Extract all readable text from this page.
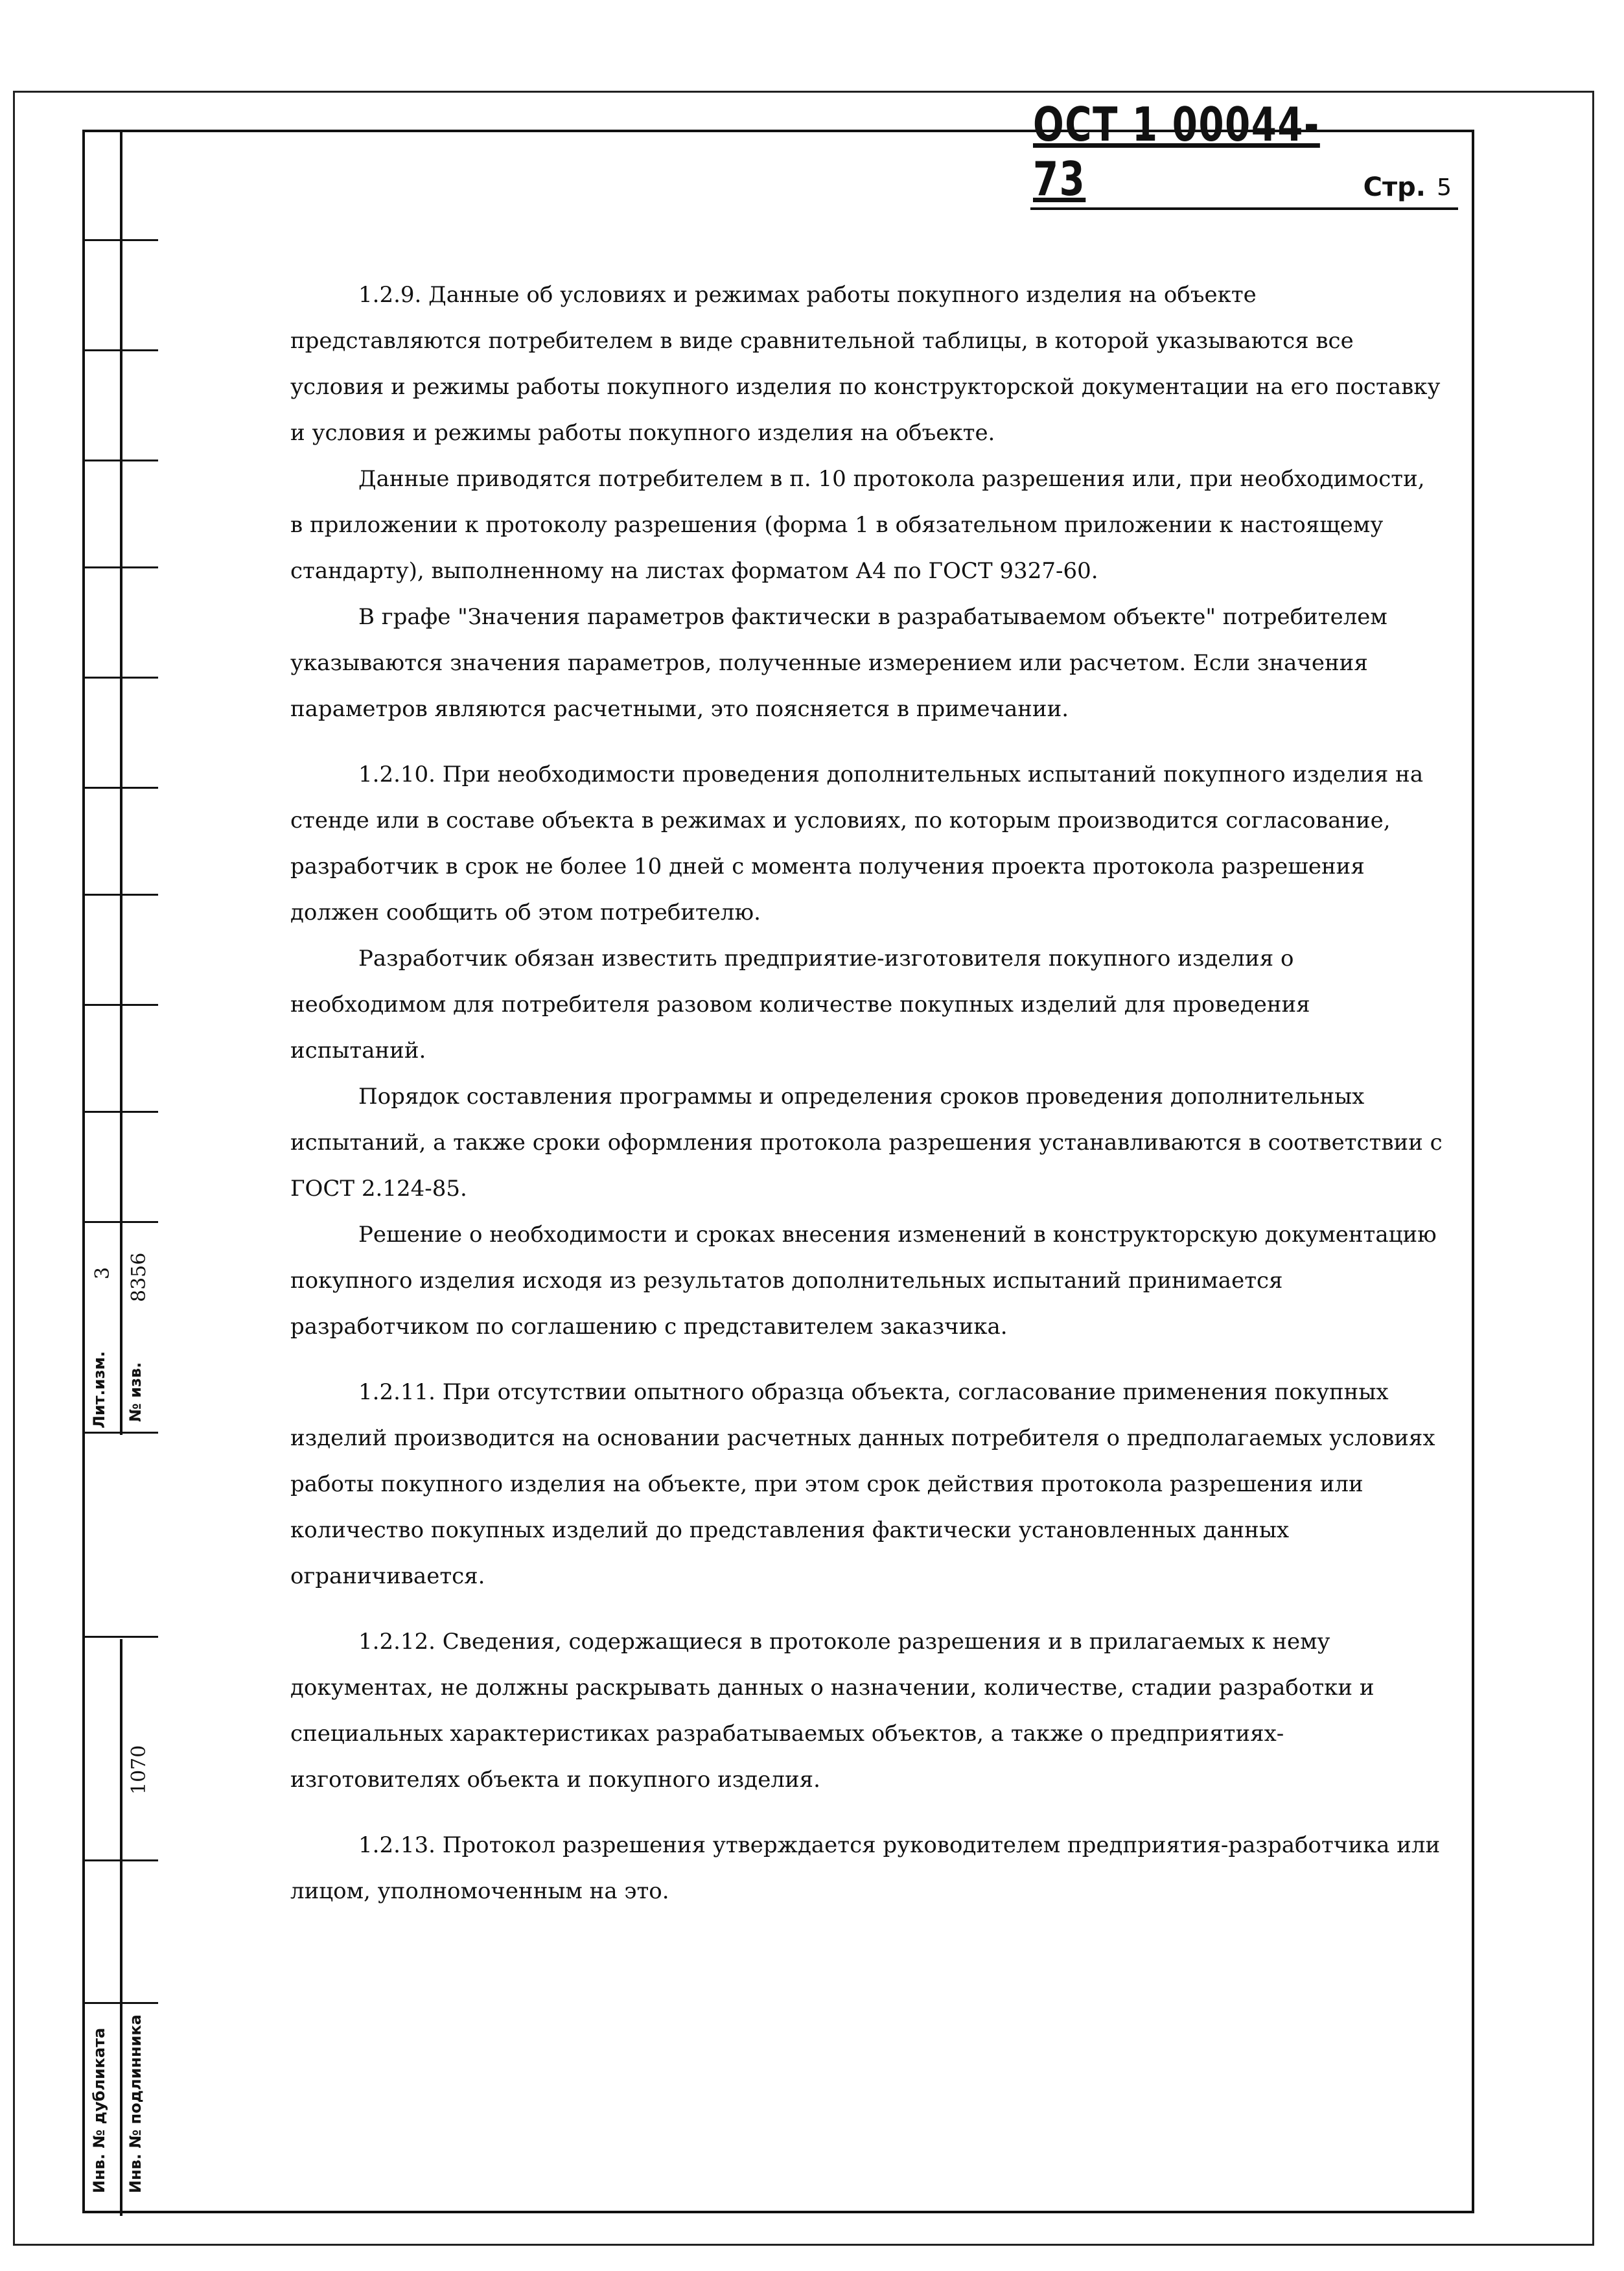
Лит.изм.
3
№ изв.
8356
Инв. № дубликата Инв. № подлинника
1070
ОСТ 1 00044-73	Стр. 5

1.2.9. Данные об условиях и режимах работы покупного изделия на объекте представляются потребителем в виде сравнительной таблицы, в которой указываются все условия и режимы работы покупного изделия по конструкторской документации на его поставку и условия и режимы работы покупного изделия на объекте.

Данные приводятся потребителем в п. 10 протокола разрешения или, при необходимости, в приложении к протоколу разрешения (форма 1 в обязательном приложении к настоящему стандарту), выполненному на листах форматом А4 по ГОСТ 9327-60.

В графе "Значения параметров фактически в разрабатываемом объекте" потребителем указываются значения параметров, полученные измерением или расчетом. Если значения параметров являются расчетными, это поясняется в примечании.

1.2.10. При необходимости проведения дополнительных испытаний покупного изделия на стенде или в составе объекта в режимах и условиях, по которым производится согласование, разработчик в срок не более 10 дней с момента получения проекта протокола разрешения должен сообщить об этом потребителю.

Разработчик обязан известить предприятие-изготовителя покупного изделия о необходимом для потребителя разовом количестве покупных изделий для проведения испытаний.

Порядок составления программы и определения сроков проведения дополнительных испытаний, а также сроки оформления протокола разрешения устанавливаются в соответствии с ГОСТ 2.124-85.

Решение о необходимости и сроках внесения изменений в конструкторскую документацию покупного изделия исходя из результатов дополнительных испытаний принимается разработчиком по соглашению с представителем заказчика.

1.2.11. При отсутствии опытного образца объекта, согласование применения покупных изделий производится на основании расчетных данных потребителя о предполагаемых условиях работы покупного изделия на объекте, при этом срок действия протокола разрешения или количество покупных изделий до представления фактически установленных данных ограничивается.

1.2.12. Сведения, содержащиеся в протоколе разрешения и в прилагаемых к нему документах, не должны раскрывать данных о назначении, количестве, стадии разработки и специальных характеристиках разрабатываемых объектов, а также о предприятиях-изготовителях объекта и покупного изделия.

1.2.13. Протокол разрешения утверждается руководителем предприятия-разработчика или лицом, уполномоченным на это.
